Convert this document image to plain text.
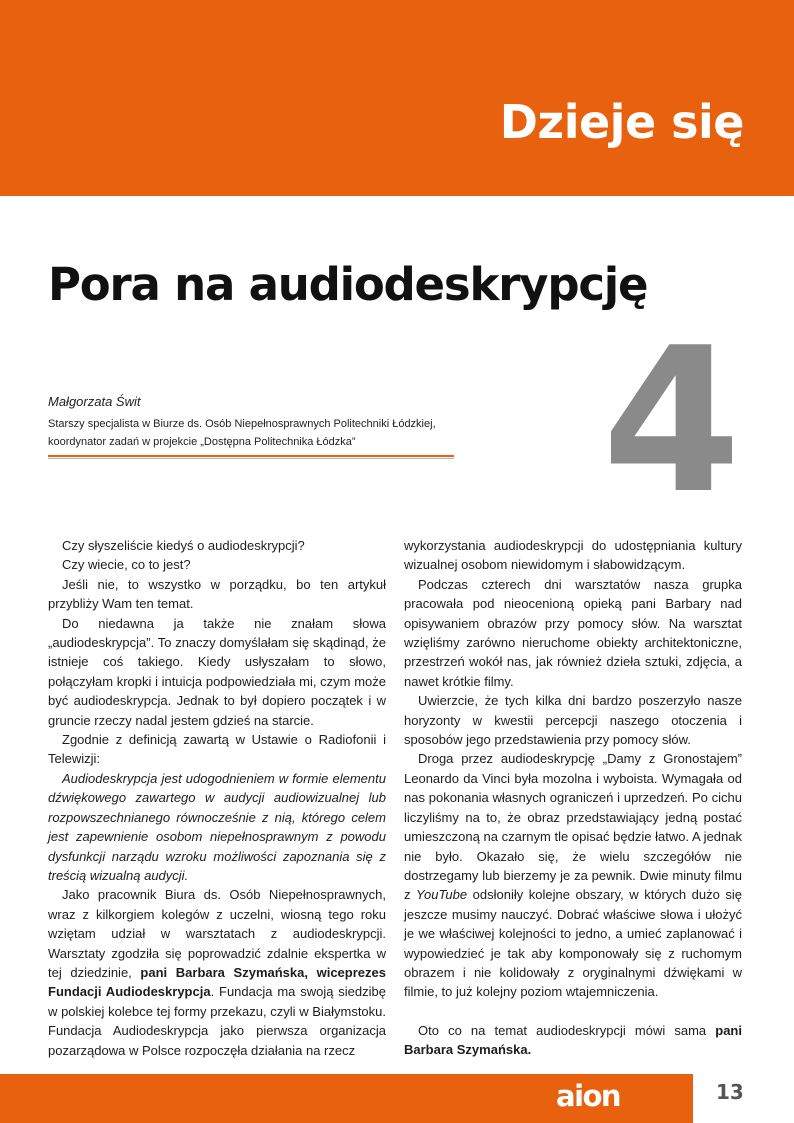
Dzieje się
Pora na audiodeskrypcję
4
Małgorzata Świt
Starszy specjalista w Biurze ds. Osób Niepełnosprawnych Politechniki Łódzkiej,
koordynator zadań w projekcie „Dostępna Politechnika Łódzka”

Czy słyszeliście kiedyś o audiodeskrypcji?

Czy wiecie, co to jest?

Jeśli nie, to wszystko w porządku, bo ten artykuł przybliży Wam ten temat.

Do niedawna ja także nie znałam słowa „audiodeskrypcja”. To znaczy domyślałam się skądinąd, że istnieje coś takiego. Kiedy usłyszałam to słowo, połączyłam kropki i intuicja podpowiedziała mi, czym może być audiodeskrypcja. Jednak to był dopiero początek i w gruncie rzeczy nadal jestem gdzieś na starcie.

Zgodnie z definicją zawartą w Ustawie o Radiofonii i Telewizji:

Audiodeskrypcja jest udogodnieniem w formie elementu dźwiękowego zawartego w audycji audiowizualnej lub rozpowszechnianego równocześnie z nią, którego celem jest zapewnienie osobom niepełnosprawnym z powodu dysfunkcji narządu wzroku możliwości zapoznania się z treścią wizualną audycji.

Jako pracownik Biura ds. Osób Niepełnosprawnych, wraz z kilkorgiem kolegów z uczelni, wiosną tego roku wziętam udział w warsztatach z audiodeskrypcji. Warsztaty zgodziła się poprowadzić zdalnie ekspertka w tej dziedzinie, pani Barbara Szymańska, wiceprezes Fundacji Audiodeskrypcja. Fundacja ma swoją siedzibę w polskiej kolebce tej formy przekazu, czyli w Białymstoku. Fundacja Audiodeskrypcja jako pierwsza organizacja pozarządowa w Polsce rozpoczęła działania na rzecz

wykorzystania audiodeskrypcji do udostępniania kultury wizualnej osobom niewidomym i słabowidzącym.

Podczas czterech dni warsztatów nasza grupka pracowała pod nieocenioną opieką pani Barbary nad opisywaniem obrazów przy pomocy słów. Na warsztat wzięliśmy zarówno nieruchome obiekty architektoniczne, przestrzeń wokół nas, jak również dzieła sztuki, zdjęcia, a nawet krótkie filmy.

Uwierzcie, że tych kilka dni bardzo poszerzyło nasze horyzonty w kwestii percepcji naszego otoczenia i sposobów jego przedstawienia przy pomocy słów.

Droga przez audiodeskrypcję „Damy z Gronostajem” Leonardo da Vinci była mozolna i wyboista. Wymagała od nas pokonania własnych ograniczeń i uprzedzeń. Po cichu liczyliśmy na to, że obraz przedstawiający jedną postać umieszczoną na czarnym tle opisać będzie łatwo. A jednak nie było. Okazało się, że wielu szczegółów nie dostrzegamy lub bierzemy je za pewnik. Dwie minuty filmu z YouTube odsłoniły kolejne obszary, w których dużo się jeszcze musimy nauczyć. Dobrać właściwe słowa i ułożyć je we właściwej kolejności to jedno, a umieć zaplanować i wypowiedzieć je tak aby komponowały się z ruchomym obrazem i nie kolidowały z oryginalnymi dźwiękami w filmie, to już kolejny poziom wtajemniczenia.

Oto co na temat audiodeskrypcji mówi sama pani Barbara Szymańska.

aion	13
